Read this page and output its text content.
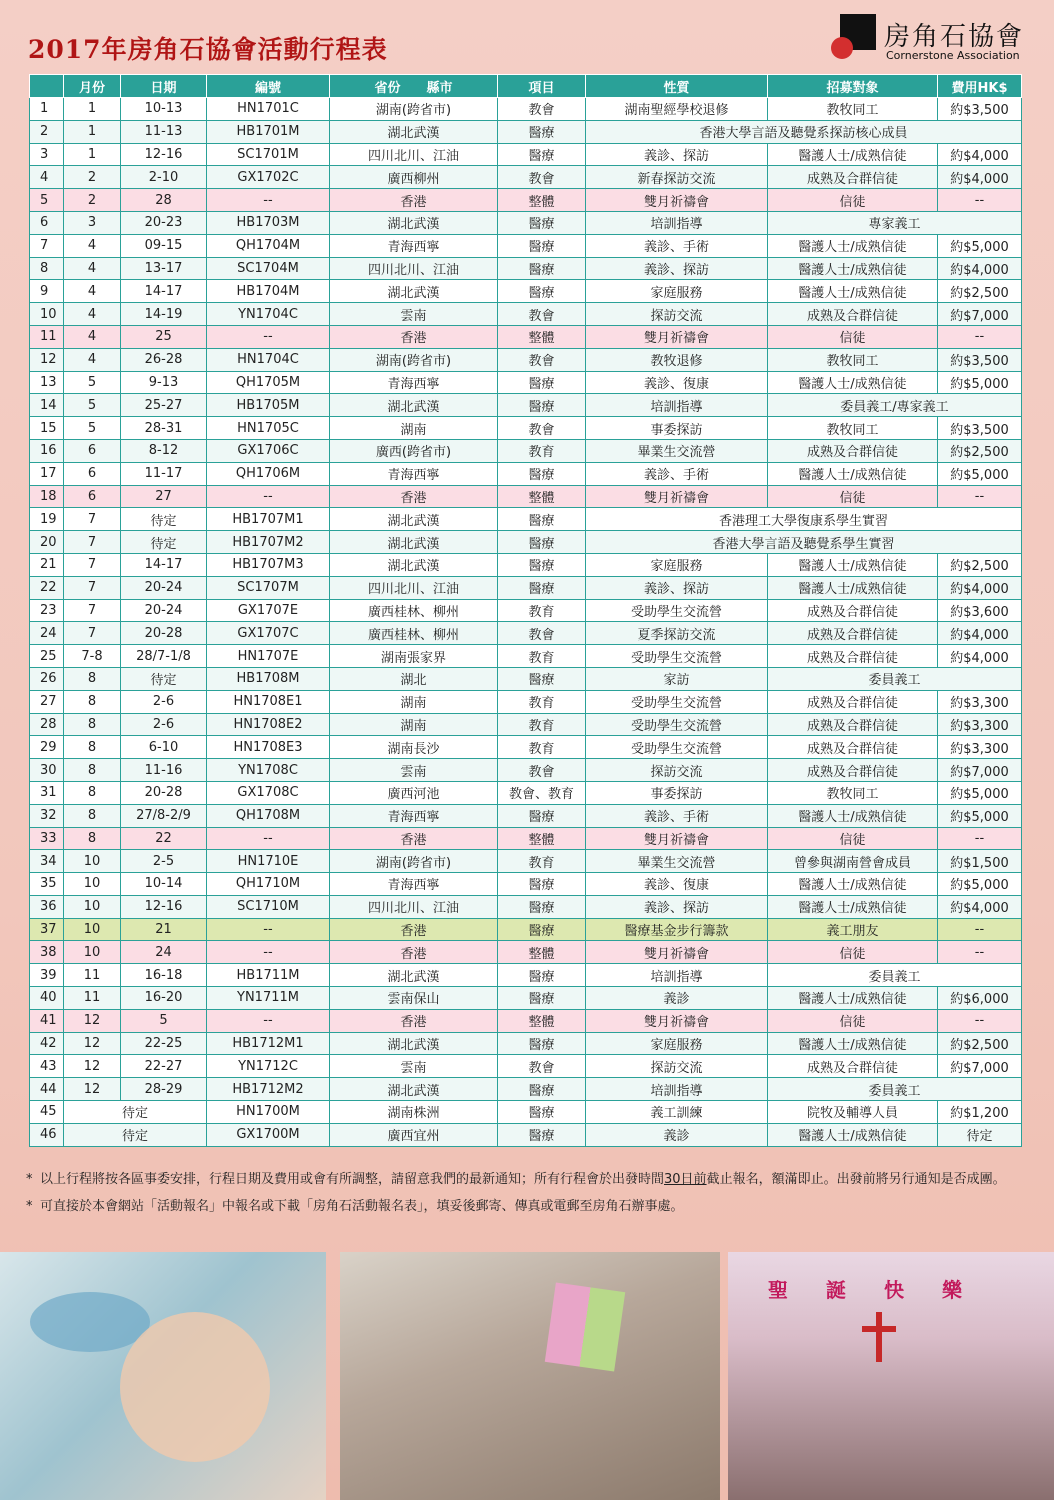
2017年房角石協會活動行程表	房角石協會
Cornerstone Association
	月份	日期	編號	省份　　縣市	項目	性質	招募對象	費用HK$
1	1	10-13	HN1701C	湖南(跨省市)	教會	湖南聖經學校退修	教牧同工	約$3,500
2	1	11-13	HB1701M	湖北武漢	醫療	香港大學言語及聽覺系探訪核心成員		
3	1	12-16	SC1701M	四川北川、江油	醫療	義診、探訪	醫護人士/成熟信徒	約$4,000
4	2	2-10	GX1702C	廣西柳州	教會	新春探訪交流	成熟及合群信徒	約$4,000
5	2	28	--	香港	整體	雙月祈禱會	信徒	--
6	3	20-23	HB1703M	湖北武漢	醫療	培訓指導	專家義工	
7	4	09-15	QH1704M	青海西寧	醫療	義診、手術	醫護人士/成熟信徒	約$5,000
8	4	13-17	SC1704M	四川北川、江油	醫療	義診、探訪	醫護人士/成熟信徒	約$4,000
9	4	14-17	HB1704M	湖北武漢	醫療	家庭服務	醫護人士/成熟信徒	約$2,500
10	4	14-19	YN1704C	雲南	教會	探訪交流	成熟及合群信徒	約$7,000
11	4	25	--	香港	整體	雙月祈禱會	信徒	--
12	4	26-28	HN1704C	湖南(跨省市)	教會	教牧退修	教牧同工	約$3,500
13	5	9-13	QH1705M	青海西寧	醫療	義診、復康	醫護人士/成熟信徒	約$5,000
14	5	25-27	HB1705M	湖北武漢	醫療	培訓指導	委員義工/專家義工	
15	5	28-31	HN1705C	湖南	教會	事委探訪	教牧同工	約$3,500
16	6	8-12	GX1706C	廣西(跨省市)	教育	畢業生交流營	成熟及合群信徒	約$2,500
17	6	11-17	QH1706M	青海西寧	醫療	義診、手術	醫護人士/成熟信徒	約$5,000
18	6	27	--	香港	整體	雙月祈禱會	信徒	--
19	7	待定	HB1707M1	湖北武漢	醫療	香港理工大學復康系學生實習		
20	7	待定	HB1707M2	湖北武漢	醫療	香港大學言語及聽覺系學生實習		
21	7	14-17	HB1707M3	湖北武漢	醫療	家庭服務	醫護人士/成熟信徒	約$2,500
22	7	20-24	SC1707M	四川北川、江油	醫療	義診、探訪	醫護人士/成熟信徒	約$4,000
23	7	20-24	GX1707E	廣西桂林、柳州	教育	受助學生交流營	成熟及合群信徒	約$3,600
24	7	20-28	GX1707C	廣西桂林、柳州	教會	夏季探訪交流	成熟及合群信徒	約$4,000
25	7-8	28/7-1/8	HN1707E	湖南張家界	教育	受助學生交流營	成熟及合群信徒	約$4,000
26	8	待定	HB1708M	湖北	醫療	家訪	委員義工	
27	8	2-6	HN1708E1	湖南	教育	受助學生交流營	成熟及合群信徒	約$3,300
28	8	2-6	HN1708E2	湖南	教育	受助學生交流營	成熟及合群信徒	約$3,300
29	8	6-10	HN1708E3	湖南長沙	教育	受助學生交流營	成熟及合群信徒	約$3,300
30	8	11-16	YN1708C	雲南	教會	探訪交流	成熟及合群信徒	約$7,000
31	8	20-28	GX1708C	廣西河池	教會、教育	事委探訪	教牧同工	約$5,000
32	8	27/8-2/9	QH1708M	青海西寧	醫療	義診、手術	醫護人士/成熟信徒	約$5,000
33	8	22	--	香港	整體	雙月祈禱會	信徒	--
34	10	2-5	HN1710E	湖南(跨省市)	教育	畢業生交流營	曾參與湖南營會成員	約$1,500
35	10	10-14	QH1710M	青海西寧	醫療	義診、復康	醫護人士/成熟信徒	約$5,000
36	10	12-16	SC1710M	四川北川、江油	醫療	義診、探訪	醫護人士/成熟信徒	約$4,000
37	10	21	--	香港	醫療	醫療基金步行籌款	義工朋友	--
38	10	24	--	香港	整體	雙月祈禱會	信徒	--
39	11	16-18	HB1711M	湖北武漢	醫療	培訓指導	委員義工	
40	11	16-20	YN1711M	雲南保山	醫療	義診	醫護人士/成熟信徒	約$6,000
41	12	5	--	香港	整體	雙月祈禱會	信徒	--
42	12	22-25	HB1712M1	湖北武漢	醫療	家庭服務	醫護人士/成熟信徒	約$2,500
43	12	22-27	YN1712C	雲南	教會	探訪交流	成熟及合群信徒	約$7,000
44	12	28-29	HB1712M2	湖北武漢	醫療	培訓指導	委員義工	
45	待定		HN1700M	湖南株洲	醫療	義工訓練	院牧及輔導人員	約$1,200
46	待定		GX1700M	廣西宜州	醫療	義診	醫護人士/成熟信徒	待定
* 以上行程將按各區事委安排，行程日期及費用或會有所調整，請留意我們的最新通知；所有行程會於出發時間30日前截止報名，額滿即止。出發前將另行通知是否成團。
* 可直接於本會網站「活動報名」中報名或下載「房角石活動報名表」，填妥後郵寄、傳真或電郵至房角石辦事處。
聖誕快樂
